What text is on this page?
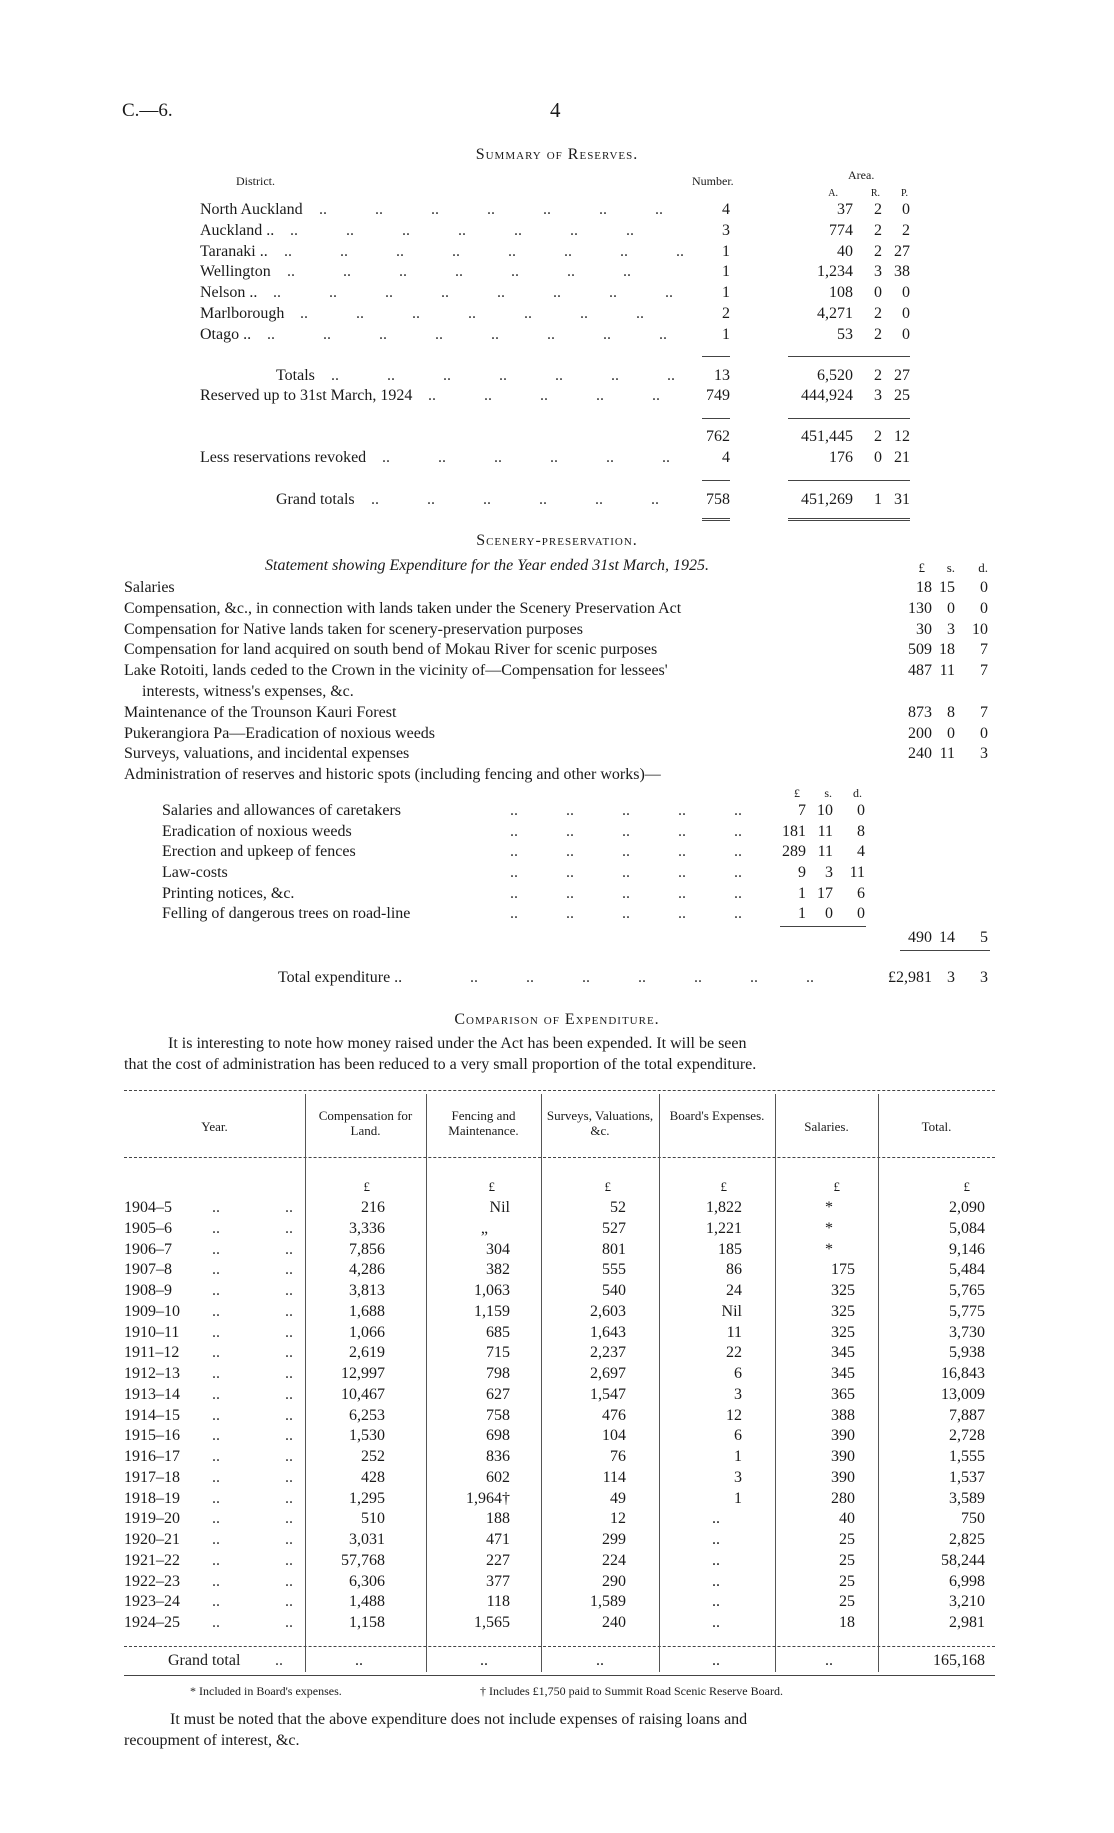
C.—6.	4
Summary of Reserves.
District.	Number.	Area.
A.	R. P.
North Auckland .. .. .. .. .. .. ..	4	37 2 0
Auckland .. .. .. .. .. .. .. ..	3	774 2 2
Taranaki .. .. .. .. .. .. .. .. ..	1	40 2 27
Wellington .. .. .. .. .. .. ..	1	1,234 3 38
Nelson .. .. .. .. .. .. .. .. ..	1	108 0 0
Marlborough .. .. .. .. .. .. ..	2	4,271 2 0
Otago .. .. .. .. .. .. .. .. ..	1	53 2 0
Totals .. .. .. .. .. .. ..	13	6,520 2 27
Reserved up to 31st March, 1924 .. .. .. .. ..	749	444,924 3 25
762	451,445 2 12
Less reservations revoked .. .. .. .. .. ..	4	176 0 21
Grand totals .. .. .. .. .. ..	758	451,269 1 31
Scenery-preservation.
Statement showing Expenditure for the Year ended 31st March, 1925.	£ s. d.
Salaries	18 15 0
Compensation, &c., in connection with lands taken under the Scenery Preservation Act	130 0 0
Compensation for Native lands taken for scenery-preservation purposes	30 3 10
Compensation for land acquired on south bend of Mokau River for scenic purposes	509 18 7
Lake Rotoiti, lands ceded to the Crown in the vicinity of—Compensation for lessees'	487 11 7
interests, witness's expenses, &c.
Maintenance of the Trounson Kauri Forest	873 8 7
Pukerangiora Pa—Eradication of noxious weeds	200 0 0
Surveys, valuations, and incidental expenses	240 11 3
Administration of reserves and historic spots (including fencing and other works)—
£ s. d.
Salaries and allowances of caretakers	.. .. .. .. ..	7 10 0
Eradication of noxious weeds	.. .. .. .. ..	181 11 8
Erection and upkeep of fences	.. .. .. .. ..	289 11 4
Law-costs	.. .. .. .. ..	9 3 11
Printing notices, &c.	.. .. .. .. ..	1 17 6
Felling of dangerous trees on road-line	.. .. .. .. ..	1 0 0
490 14 5
Total expenditure ..	.. .. .. .. .. .. ..	£2,981 3 3
Comparison of Expenditure.
It is interesting to note how money raised under the Act has been expended. It will be seen
that the cost of administration has been reduced to a very small proportion of the total expenditure.
Year.
Compensation for Land.
Fencing and Maintenance.
Surveys, Valuations, &c.
Board's Expenses.
Salaries.	Total.
£	£	£	£	£	£
1904–5	..	..	216	Nil	52	1,822	*	2,090
1905–6	..	..	3,336	„	527	1,221	*	5,084
1906–7	..	..	7,856	304	801	185	*	9,146
1907–8	..	..	4,286	382	555	86	175	5,484
1908–9	..	..	3,813	1,063	540	24	325	5,765
1909–10 ..	..	1,688	1,159	2,603	Nil	325	5,775
1910–11 ..	..	1,066	685	1,643	11	325	3,730
1911–12 ..	..	2,619	715	2,237	22	345	5,938
1912–13 ..	..	12,997	798	2,697	6	345	16,843
1913–14 ..	..	10,467	627	1,547	3	365	13,009
1914–15 ..	..	6,253	758	476	12	388	7,887
1915–16 ..	..	1,530	698	104	6	390	2,728
1916–17 ..	..	252	836	76	1	390	1,555
1917–18 ..	..	428	602	114	3	390	1,537
1918–19 ..	..	1,295	1,964†	49	1	280	3,589
1919–20 ..	..	510	188	12	..	40	750
1920–21 ..	..	3,031	471	299	..	25	2,825
1921–22 ..	..	57,768	227	224	..	25	58,244
1922–23 ..	..	6,306	377	290	..	25	6,998
1923–24 ..	..	1,488	118	1,589	..	25	3,210
1924–25 ..	..	1,158	1,565	240	..	18	2,981
Grand total ..	..	..	..	..	..	165,168
* Included in Board's expenses.	† Includes £1,750 paid to Summit Road Scenic Reserve Board.
It must be noted that the above expenditure does not include expenses of raising loans and
recoupment of interest, &c.
